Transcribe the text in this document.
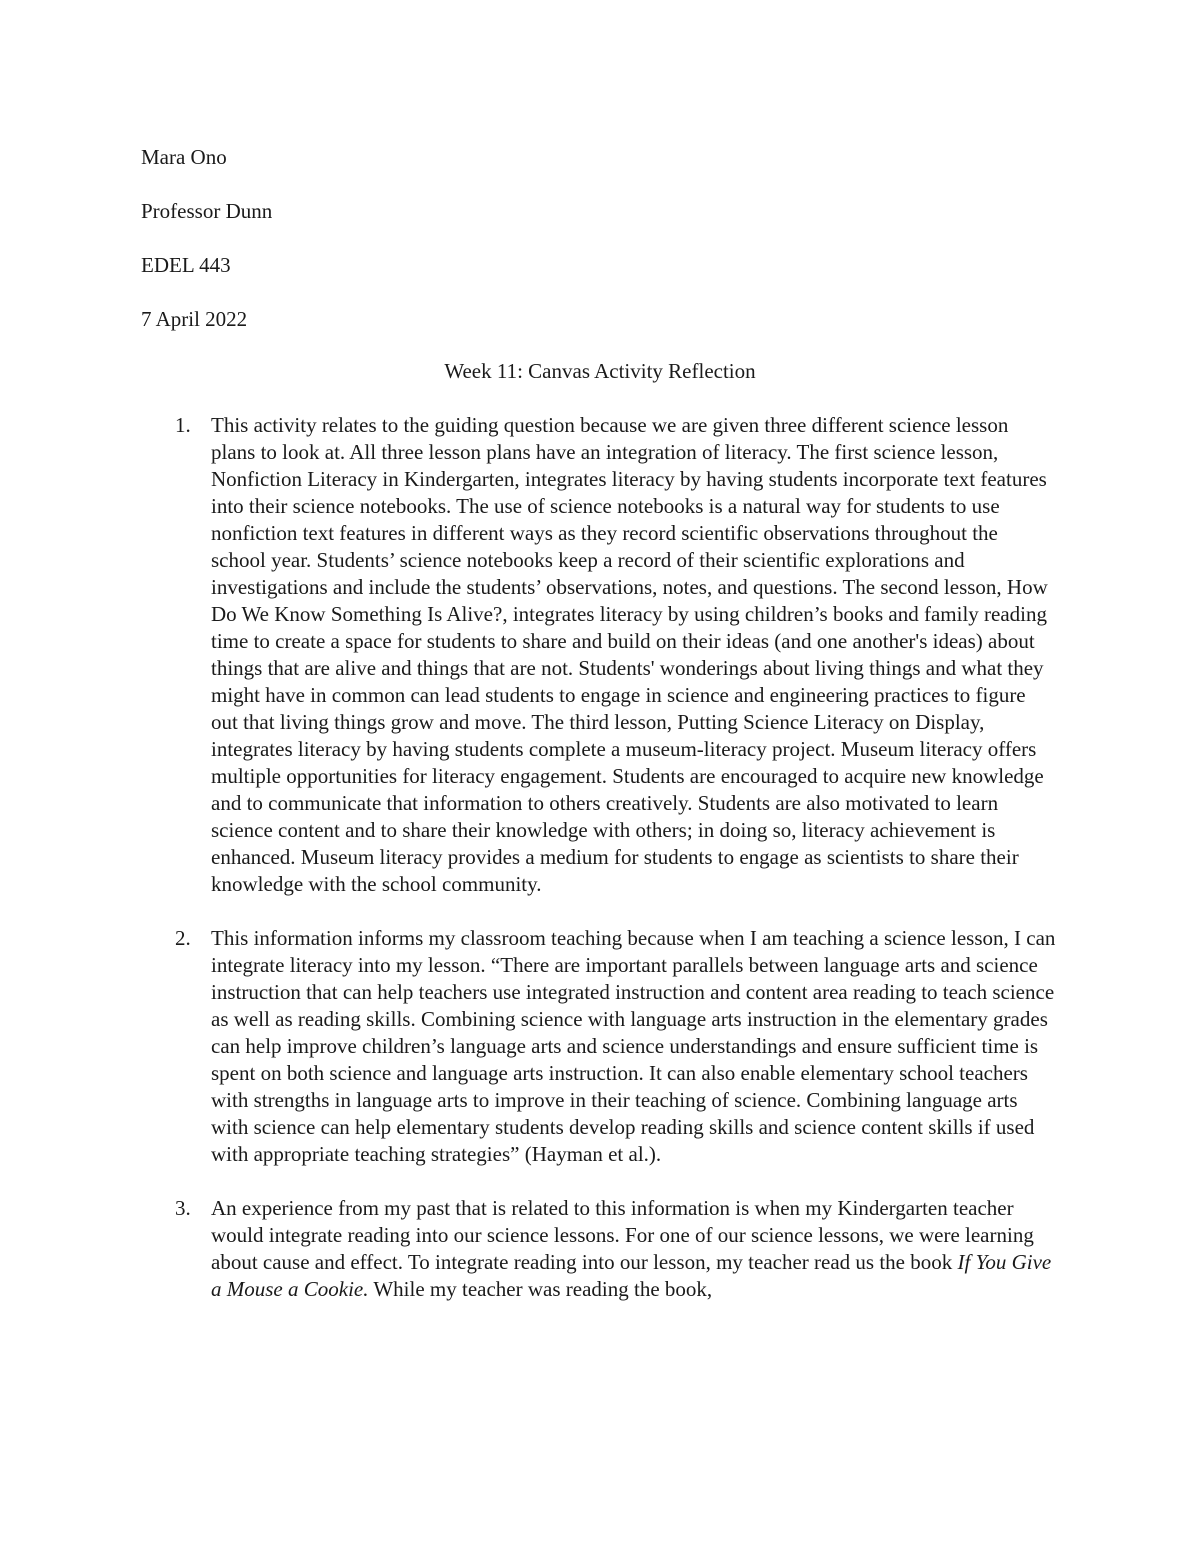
Mara Ono

Professor Dunn

EDEL 443

7 April 2022

Week 11: Canvas Activity Reflection

1. This activity relates to the guiding question because we are given three different science lesson plans to look at. All three lesson plans have an integration of literacy. The first science lesson, Nonfiction Literacy in Kindergarten, integrates literacy by having students incorporate text features into their science notebooks. The use of science notebooks is a natural way for students to use nonfiction text features in different ways as they record scientific observations throughout the school year. Students’ science notebooks keep a record of their scientific explorations and investigations and include the students’ observations, notes, and questions. The second lesson, How Do We Know Something Is Alive?, integrates literacy by using children’s books and family reading time to create a space for students to share and build on their ideas (and one another's ideas) about things that are alive and things that are not. Students' wonderings about living things and what they might have in common can lead students to engage in science and engineering practices to figure out that living things grow and move. The third lesson, Putting Science Literacy on Display, integrates literacy by having students complete a museum-literacy project. Museum literacy offers multiple opportunities for literacy engagement. Students are encouraged to acquire new knowledge and to communicate that information to others creatively. Students are also motivated to learn science content and to share their knowledge with others; in doing so, literacy achievement is enhanced. Museum literacy provides a medium for students to engage as scientists to share their knowledge with the school community.

2. This information informs my classroom teaching because when I am teaching a science lesson, I can integrate literacy into my lesson. “There are important parallels between language arts and science instruction that can help teachers use integrated instruction and content area reading to teach science as well as reading skills. Combining science with language arts instruction in the elementary grades can help improve children’s language arts and science understandings and ensure sufficient time is spent on both science and language arts instruction. It can also enable elementary school teachers with strengths in language arts to improve in their teaching of science. Combining language arts with science can help elementary students develop reading skills and science content skills if used with appropriate teaching strategies” (Hayman et al.).

3. An experience from my past that is related to this information is when my Kindergarten teacher would integrate reading into our science lessons. For one of our science lessons, we were learning about cause and effect. To integrate reading into our lesson, my teacher read us the book If You Give a Mouse a Cookie. While my teacher was reading the book,
